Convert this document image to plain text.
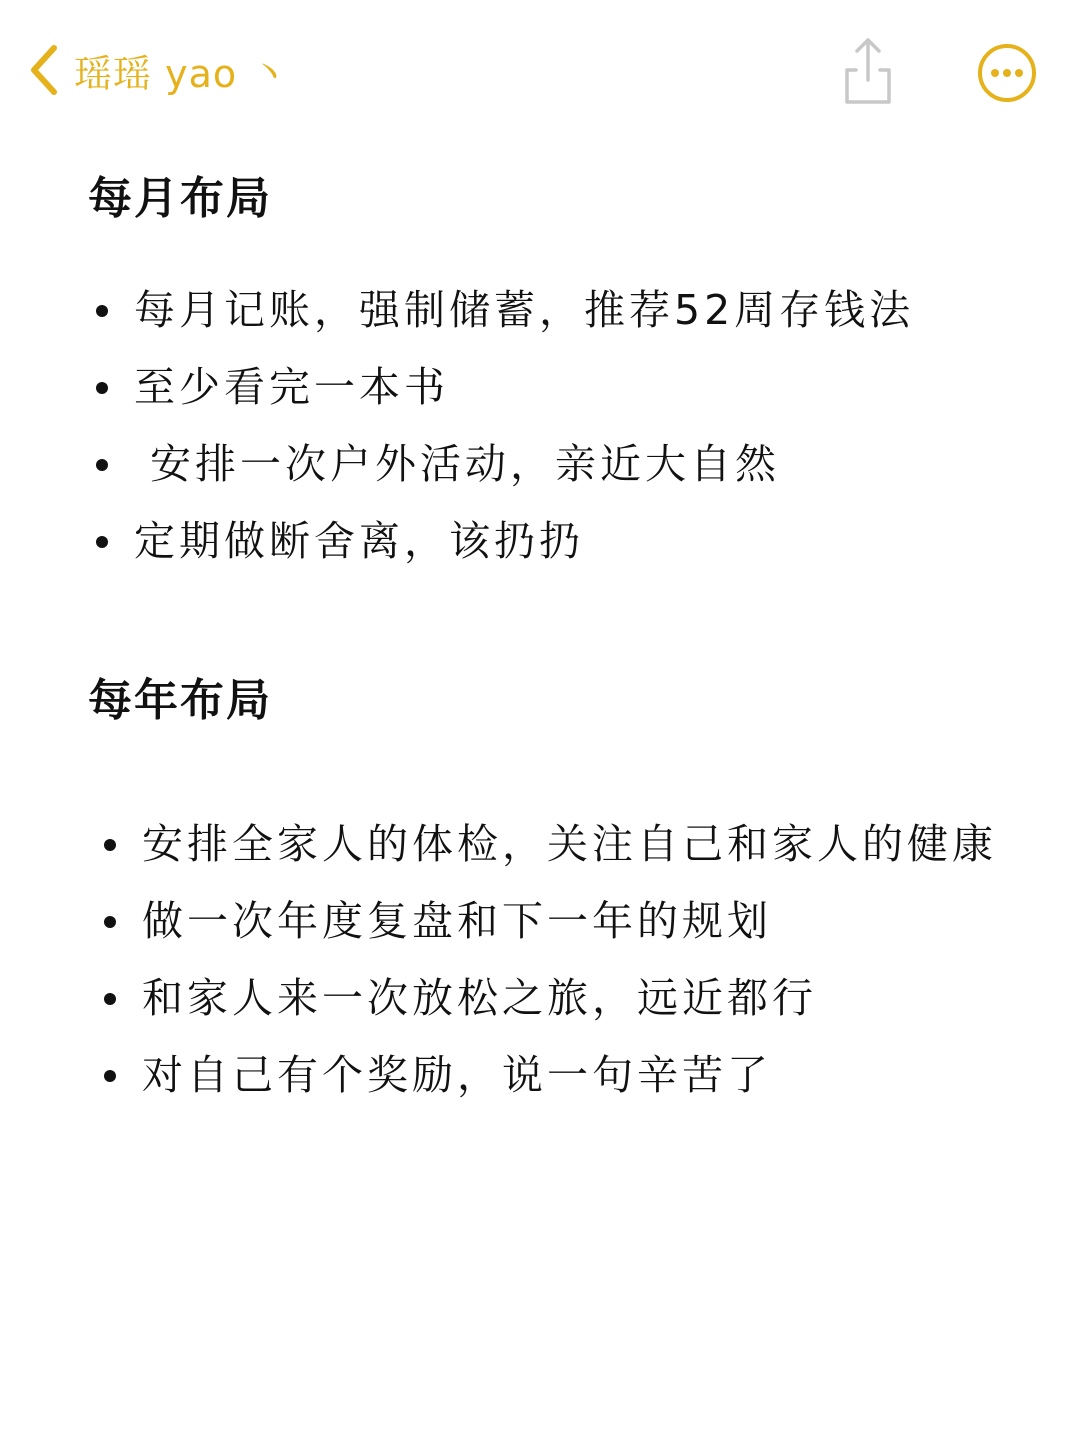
瑶瑶 yao 丶
每月布局
每月记账，强制储蓄，推荐52周存钱法
至少看完一本书
安排一次户外活动，亲近大自然
定期做断舍离，该扔扔
每年布局
安排全家人的体检，关注自己和家人的健康
做一次年度复盘和下一年的规划
和家人来一次放松之旅，远近都行
对自己有个奖励，说一句辛苦了
